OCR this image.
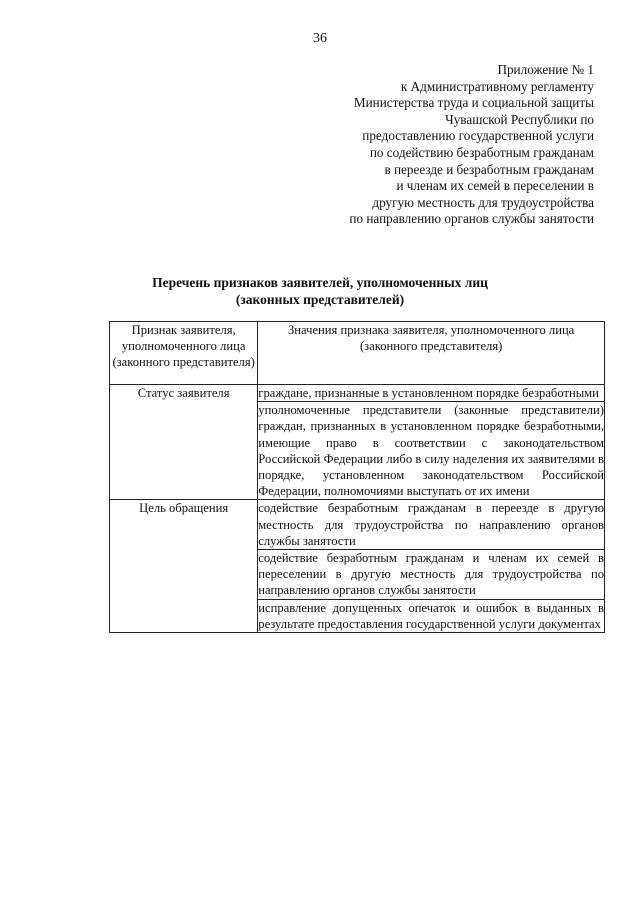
36
Приложение № 1
к Административному регламенту
Министерства труда и социальной защиты
Чувашской Республики по
предоставлению государственной услуги
по содействию безработным гражданам
в переезде и безработным гражданам
и членам их семей в переселении в
другую местность для трудоустройства
по направлению органов службы занятости
Перечень признаков заявителей, уполномоченных лиц
(законных представителей)
Признак заявителя, уполномоченного лица (законного представителя)	Значения признака заявителя, уполномоченного лица (законного представителя)
Статус заявителя	граждане, признанные в установленном порядке безработными
	уполномоченные представители (законные представители) граждан, признанных в установленном порядке безработными, имеющие право в соответствии с законодательством Российской Федерации либо в силу наделения их заявителями в порядке, установленном законодательством Российской Федерации, полномочиями выступать от их имени
Цель обращения	содействие безработным гражданам в переезде в другую местность для трудоустройства по направлению органов службы занятости
	содействие безработным гражданам и членам их семей в переселении в другую местность для трудоустройства по направлению органов службы занятости
	исправление допущенных опечаток и ошибок в выданных в результате предоставления государственной услуги документах
